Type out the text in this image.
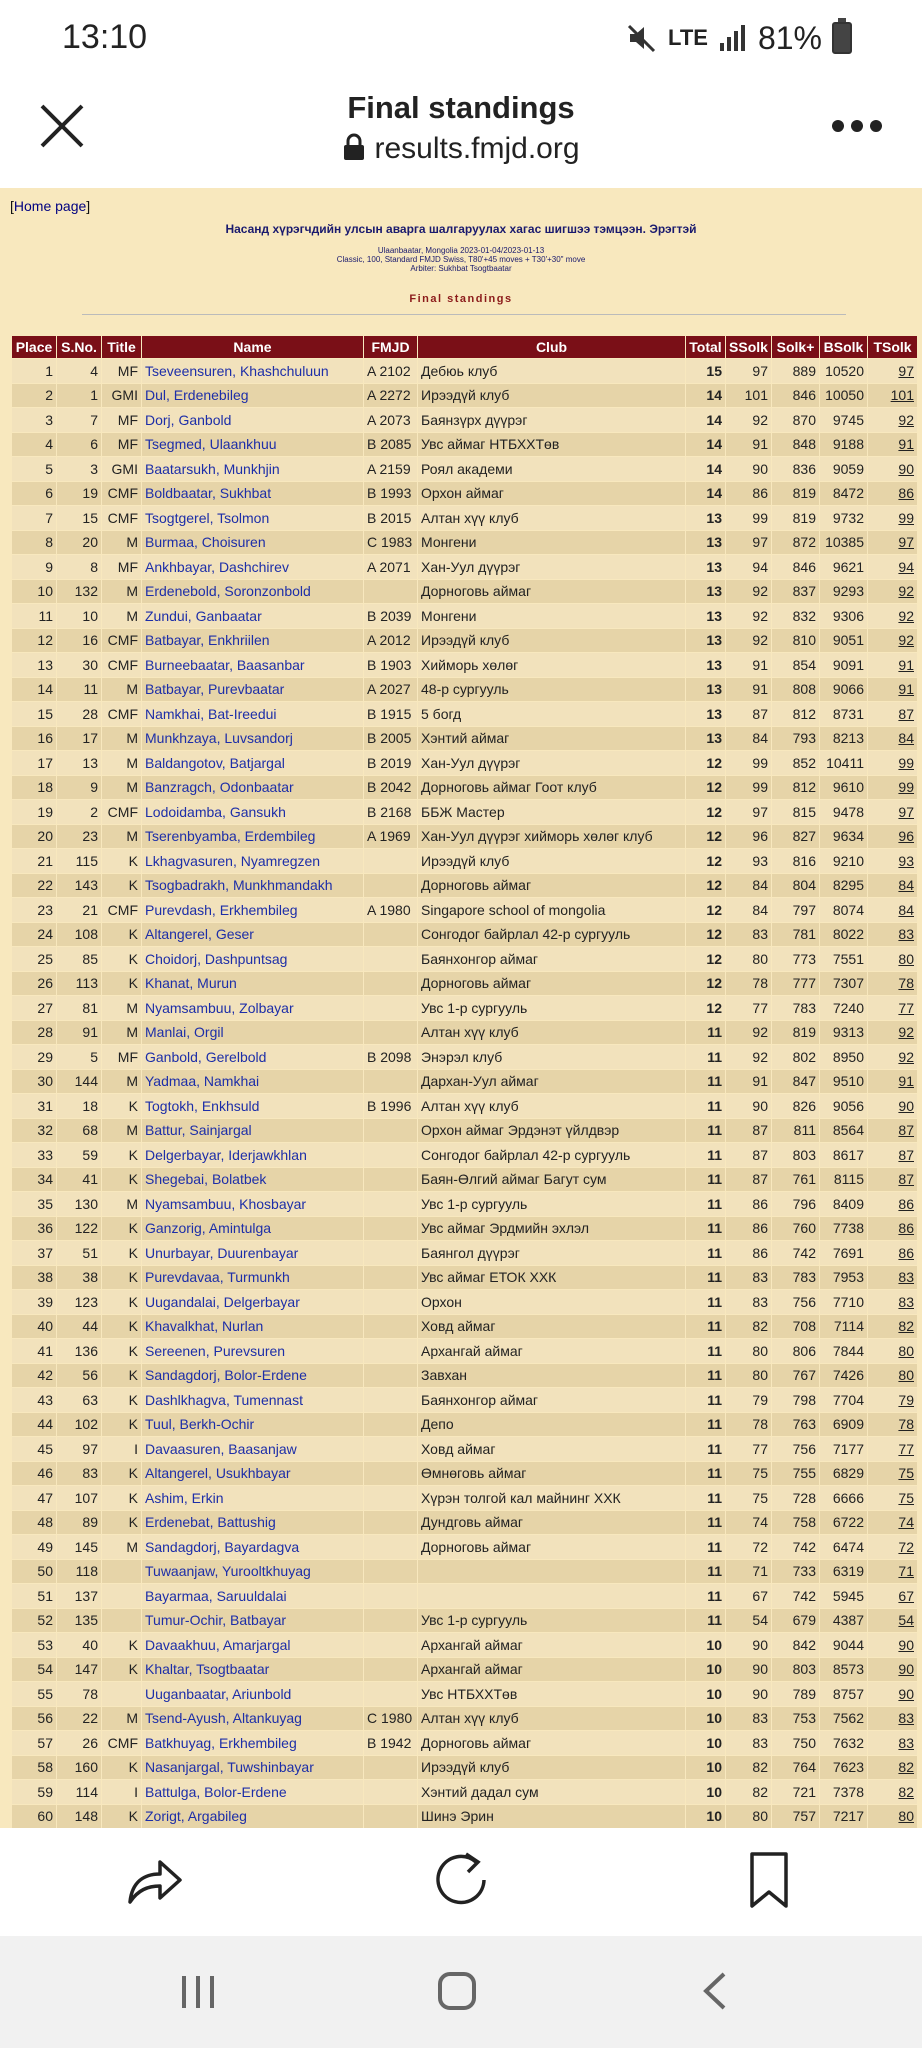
13:10	LTE 81%
Final standings
results.fmjd.org
[Home page]
Насанд хүрэгчдийн улсын аварга шалгаруулах хагас шигшээ тэмцээн. Эрэгтэй
Ulaanbaatar, Mongolia 2023-01-04/2023-01-13
Classic, 100, Standard FMJD Swiss, T80'+45 moves + T30'+30" move
Arbiter: Sukhbat Tsogtbaatar
Final standings
Place	S.No.	Title	Name	FMJD	Club	Total	SSolk	Solk+	BSolk	TSolk
1	4	MF	Tseveensuren, Khashchuluun	A 2102	Дебюь клуб	15	97	889	10520	97
2	1	GMI	Dul, Erdenebileg	A 2272	Ирээдүй клуб	14	101	846	10050	101
3	7	MF	Dorj, Ganbold	A 2073	Баянзүрх дүүрэг	14	92	870	9745	92
4	6	MF	Tsegmed, Ulaankhuu	B 2085	Увс аймаг НТБХХТөв	14	91	848	9188	91
5	3	GMI	Baatarsukh, Munkhjin	A 2159	Роял академи	14	90	836	9059	90
6	19	CMF	Boldbaatar, Sukhbat	B 1993	Орхон аймаг	14	86	819	8472	86
7	15	CMF	Tsogtgerel, Tsolmon	B 2015	Алтан хүү клуб	13	99	819	9732	99
8	20	M	Burmaa, Choisuren	C 1983	Монгени	13	97	872	10385	97
9	8	MF	Ankhbayar, Dashchirev	A 2071	Хан-Уул дүүрэг	13	94	846	9621	94
10	132	M	Erdenebold, Soronzonbold		Дорноговь аймаг	13	92	837	9293	92
11	10	M	Zundui, Ganbaatar	B 2039	Монгени	13	92	832	9306	92
12	16	CMF	Batbayar, Enkhriilen	A 2012	Ирээдүй клуб	13	92	810	9051	92
13	30	CMF	Burneebaatar, Baasanbar	B 1903	Хийморь хөлөг	13	91	854	9091	91
14	11	M	Batbayar, Purevbaatar	A 2027	48-р сургууль	13	91	808	9066	91
15	28	CMF	Namkhai, Bat-Ireedui	B 1915	5 богд	13	87	812	8731	87
16	17	M	Munkhzaya, Luvsandorj	B 2005	Хэнтий аймаг	13	84	793	8213	84
17	13	M	Baldangotov, Batjargal	B 2019	Хан-Уул дүүрэг	12	99	852	10411	99
18	9	M	Banzragch, Odonbaatar	B 2042	Дорноговь аймаг Гоот клуб	12	99	812	9610	99
19	2	CMF	Lodoidamba, Gansukh	B 2168	ББЖ Мастер	12	97	815	9478	97
20	23	M	Tserenbyamba, Erdembileg	A 1969	Хан-Уул дүүрэг хийморь хөлөг клуб	12	96	827	9634	96
21	115	K	Lkhagvasuren, Nyamregzen		Ирээдүй клуб	12	93	816	9210	93
22	143	K	Tsogbadrakh, Munkhmandakh		Дорноговь аймаг	12	84	804	8295	84
23	21	CMF	Purevdash, Erkhembileg	A 1980	Singapore school of mongolia	12	84	797	8074	84
24	108	K	Altangerel, Geser		Сонгодог байрлал 42-р сургууль	12	83	781	8022	83
25	85	K	Choidorj, Dashpuntsag		Баянхонгор аймаг	12	80	773	7551	80
26	113	K	Khanat, Murun		Дорноговь аймаг	12	78	777	7307	78
27	81	M	Nyamsambuu, Zolbayar		Увс 1-р сургууль	12	77	783	7240	77
28	91	M	Manlai, Orgil		Алтан хүү клуб	11	92	819	9313	92
29	5	MF	Ganbold, Gerelbold	B 2098	Энэрэл клуб	11	92	802	8950	92
30	144	M	Yadmaa, Namkhai		Дархан-Уул аймаг	11	91	847	9510	91
31	18	K	Togtokh, Enkhsuld	B 1996	Алтан хүү клуб	11	90	826	9056	90
32	68	M	Battur, Sainjargal		Орхон аймаг Эрдэнэт үйлдвэр	11	87	811	8564	87
33	59	K	Delgerbayar, Iderjawkhlan		Сонгодог байрлал 42-р сургууль	11	87	803	8617	87
34	41	K	Shegebai, Bolatbek		Баян-Өлгий аймаг Багут сум	11	87	761	8115	87
35	130	M	Nyamsambuu, Khosbayar		Увс 1-р сургууль	11	86	796	8409	86
36	122	K	Ganzorig, Amintulga		Увс аймаг Эрдмийн эхлэл	11	86	760	7738	86
37	51	K	Unurbayar, Duurenbayar		Баянгол дүүрэг	11	86	742	7691	86
38	38	K	Purevdavaa, Turmunkh		Увс аймаг ЕТОК ХХК	11	83	783	7953	83
39	123	K	Uugandalai, Delgerbayar		Орхон	11	83	756	7710	83
40	44	K	Khavalkhat, Nurlan		Ховд аймаг	11	82	708	7114	82
41	136	K	Sereenen, Purevsuren		Архангай аймаг	11	80	806	7844	80
42	56	K	Sandagdorj, Bolor-Erdene		Завхан	11	80	767	7426	80
43	63	K	Dashlkhagva, Tumennast		Баянхонгор аймаг	11	79	798	7704	79
44	102	K	Tuul, Berkh-Ochir		Депо	11	78	763	6909	78
45	97	I	Davaasuren, Baasanjaw		Ховд аймаг	11	77	756	7177	77
46	83	K	Altangerel, Usukhbayar		Өмнөговь аймаг	11	75	755	6829	75
47	107	K	Ashim, Erkin		Хүрэн толгой кал майнинг ХХК	11	75	728	6666	75
48	89	K	Erdenebat, Battushig		Дундговь аймаг	11	74	758	6722	74
49	145	M	Sandagdorj, Bayardagva		Дорноговь аймаг	11	72	742	6474	72
50	118		Tuwaanjaw, Yurooltkhuyag			11	71	733	6319	71
51	137		Bayarmaa, Saruuldalai			11	67	742	5945	67
52	135		Tumur-Ochir, Batbayar		Увс 1-р сургууль	11	54	679	4387	54
53	40	K	Davaakhuu, Amarjargal		Архангай аймаг	10	90	842	9044	90
54	147	K	Khaltar, Tsogtbaatar		Архангай аймаг	10	90	803	8573	90
55	78		Uuganbaatar, Ariunbold		Увс НТБХХТөв	10	90	789	8757	90
56	22	M	Tsend-Ayush, Altankuyag	C 1980	Алтан хүү клуб	10	83	753	7562	83
57	26	CMF	Batkhuyag, Erkhembileg	B 1942	Дорноговь аймаг	10	83	750	7632	83
58	160	K	Nasanjargal, Tuwshinbayar		Ирээдүй клуб	10	82	764	7623	82
59	114	I	Battulga, Bolor-Erdene		Хэнтий дадал сум	10	82	721	7378	82
60	148	K	Zorigt, Argabileg		Шинэ Эрин	10	80	757	7217	80
